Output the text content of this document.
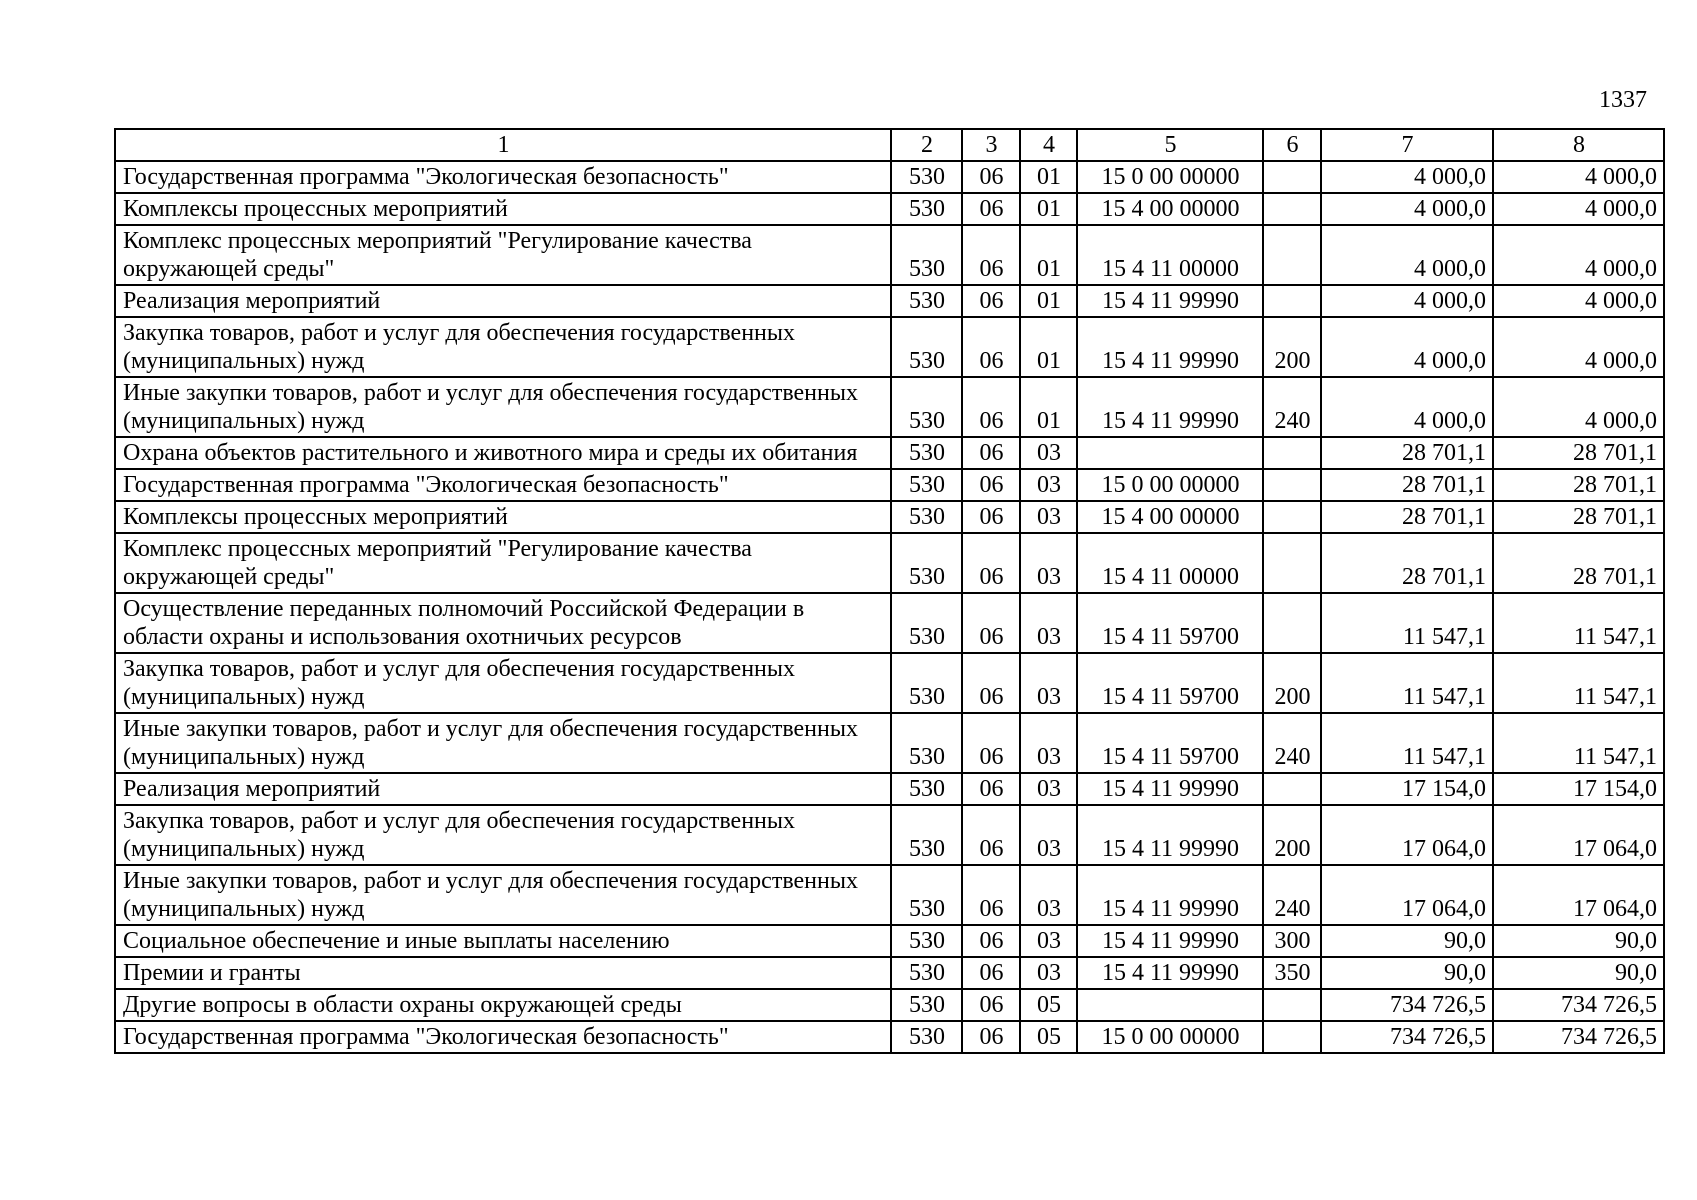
1337
1	2	3	4	5	6	7	8
Государственная программа "Экологическая безопасность"	530	06	01	15 0 00 00000		4 000,0	4 000,0
Комплексы процессных мероприятий	530	06	01	15 4 00 00000		4 000,0	4 000,0
Комплекс процессных мероприятий "Регулирование качества окружающей среды"	530	06	01	15 4 11 00000		4 000,0	4 000,0
Реализация мероприятий	530	06	01	15 4 11 99990		4 000,0	4 000,0
Закупка товаров, работ и услуг для обеспечения государственных (муниципальных) нужд	530	06	01	15 4 11 99990	200	4 000,0	4 000,0
Иные закупки товаров, работ и услуг для обеспечения государственных (муниципальных) нужд	530	06	01	15 4 11 99990	240	4 000,0	4 000,0
Охрана объектов растительного и животного мира и среды их обитания	530	06	03			28 701,1	28 701,1
Государственная программа "Экологическая безопасность"	530	06	03	15 0 00 00000		28 701,1	28 701,1
Комплексы процессных мероприятий	530	06	03	15 4 00 00000		28 701,1	28 701,1
Комплекс процессных мероприятий "Регулирование качества окружающей среды"	530	06	03	15 4 11 00000		28 701,1	28 701,1
Осуществление переданных полномочий Российской Федерации в области охраны и использования охотничьих ресурсов	530	06	03	15 4 11 59700		11 547,1	11 547,1
Закупка товаров, работ и услуг для обеспечения государственных (муниципальных) нужд	530	06	03	15 4 11 59700	200	11 547,1	11 547,1
Иные закупки товаров, работ и услуг для обеспечения государственных (муниципальных) нужд	530	06	03	15 4 11 59700	240	11 547,1	11 547,1
Реализация мероприятий	530	06	03	15 4 11 99990		17 154,0	17 154,0
Закупка товаров, работ и услуг для обеспечения государственных (муниципальных) нужд	530	06	03	15 4 11 99990	200	17 064,0	17 064,0
Иные закупки товаров, работ и услуг для обеспечения государственных (муниципальных) нужд	530	06	03	15 4 11 99990	240	17 064,0	17 064,0
Социальное обеспечение и иные выплаты населению	530	06	03	15 4 11 99990	300	90,0	90,0
Премии и гранты	530	06	03	15 4 11 99990	350	90,0	90,0
Другие вопросы в области охраны окружающей среды	530	06	05			734 726,5	734 726,5
Государственная программа "Экологическая безопасность"	530	06	05	15 0 00 00000		734 726,5	734 726,5
